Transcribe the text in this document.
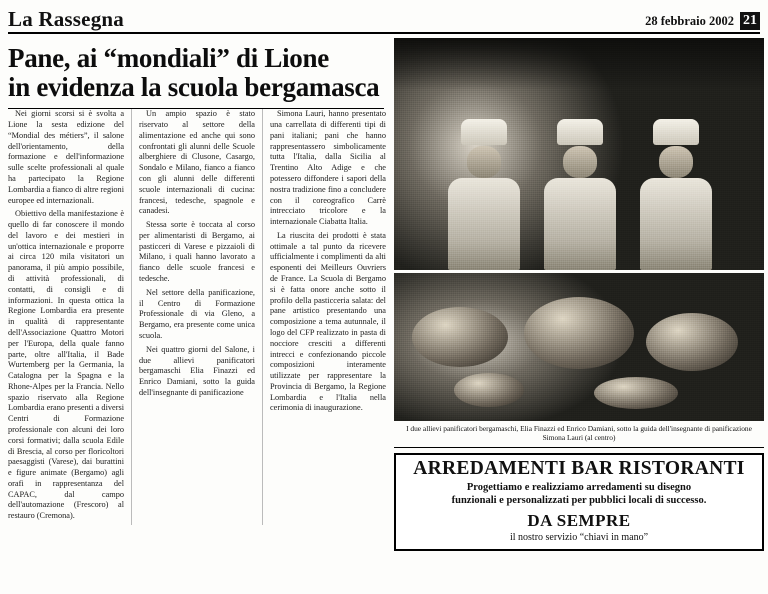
La Rassegna	28 febbraio 2002 21
Pane, ai “mondiali” di Lione
in evidenza la scuola bergamasca

Nei giorni scorsi si è svolta a Lione la sesta edizione del “Mondial des métiers”, il salone dell'orientamento, della formazione e dell'informazione sulle scelte professionali al quale ha partecipato la Regione Lombardia a fianco di altre regioni europee ed internazionali.

Obiettivo della manifestazione è quello di far conoscere il mondo del lavoro e dei mestieri in un'ottica internazionale e proporre ai circa 120 mila visitatori un panorama, il più ampio possibile, di attività professionali, di contatti, di consigli e di informazioni. In questa ottica la Regione Lombardia era presente in qualità di rappresentante dell'Associazione Quattro Motori per l'Europa, della quale fanno parte, oltre all'Italia, il Bade Wurtemberg per la Germania, la Catalogna per la Spagna e la Rhone-Alpes per la Francia. Nello spazio riservato alla Regione Lombardia erano presenti a diversi Centri di Formazione professionale con alcuni dei loro corsi formativi; dalla scuola Edile di Brescia, al corso per floricoltori paesaggisti (Varese), dai burattini e figure animate (Bergamo) agli orafi in rappresentanza del CAPAC, dal campo dell'automazione (Frescoro) al restauro (Cremona).

Un ampio spazio è stato riservato al settore della alimentazione ed anche qui sono confrontati gli alunni delle Scuole alberghiere di Clusone, Casargo, Sondalo e Milano, fianco a fianco con gli alunni delle differenti scuole internazionali di cucina: francesi, tedesche, spagnole e canadesi.

Stessa sorte è toccata al corso per alimentaristi di Bergamo, ai pasticceri di Varese e pizzaioli di Milano, i quali hanno lavorato a fianco delle scuole francesi e tedesche.

Nel settore della panificazione, il Centro di Formazione Professionale di via Gleno, a Bergamo, era presente come unica scuola.

Nei quattro giorni del Salone, i due allievi panificatori bergamaschi Elia Finazzi ed Enrico Damiani, sotto la guida dell'insegnante di panificazione

Simona Lauri, hanno presentato una carrellata di differenti tipi di pani italiani; pani che hanno rappresentassero simbolicamente tutta l'Italia, dalla Sicilia al Trentino Alto Adige e che potessero diffondere i sapori della nostra tradizione fino a concludere con il coreografico Carrè intrecciato tricolore e la internazionale Ciabatta Italia.

La riuscita dei prodotti è stata ottimale a tal punto da ricevere ufficialmente i complimenti da alti esponenti dei Meilleurs Ouvriers de France. La Scuola di Bergamo si è fatta onore anche sotto il profilo della pasticceria salata: del pane artistico presentando una composizione a tema autunnale, il logo del CFP realizzato in pasta di nocciore cresciti a differenti intrecci e confezionando piccole composizioni interamente utilizzate per rappresentare la Provincia di Bergamo, la Regione Lombardia e l'Italia nella cerimonia di inaugurazione.

I due allievi panificatori bergamaschi, Elia Finazzi ed Enrico Damiani, sotto la guida dell'insegnante di panificazione Simona Lauri (al centro)
ARREDAMENTI BAR RISTORANTI
Progettiamo e realizziamo arredamenti su disegno
funzionali e personalizzati per pubblici locali di successo.
DA SEMPRE
il nostro servizio “chiavi in mano”
